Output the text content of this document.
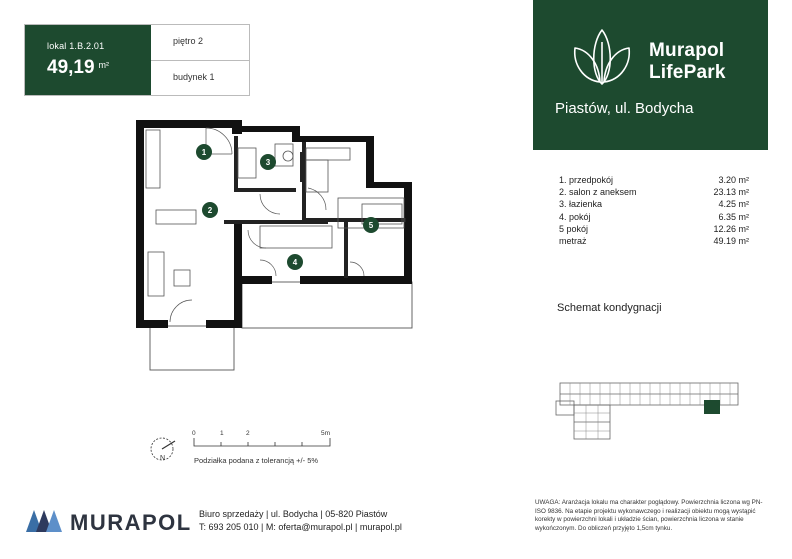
lokal 1.B.2.01
49,19 $^{m^2}$
piętro 2
budynek 1
Murapol
LifePark
Piastów, ul. Bodycha
1. przedpokój	3.20 m²
2. salon z aneksem	23.13 m²
3. łazienka	4.25 m²
4. pokój	6.35 m²
5 pokój	12.26 m²
metraż	49.19 m²
Schemat kondygnacji
1
2
3
4
5
N
0	1	2	5m
Podziałka podana z tolerancją +/- 5%
MURAPOL Biuro sprzedaży | ul. Bodycha | 05-820 Piastów
T: 693 205 010 | M: oferta@murapol.pl | murapol.pl
UWAGA: Aranżacja lokalu ma charakter poglądowy. Powierzchnia liczona wg PN-ISO 9836. Na etapie projektu wykonawczego i realizacji obiektu mogą wystąpić korekty w powierzchni lokali i układzie ścian, powierzchnia liczona w stanie wykończonym. Do obliczeń przyjęto 1,5cm tynku.
